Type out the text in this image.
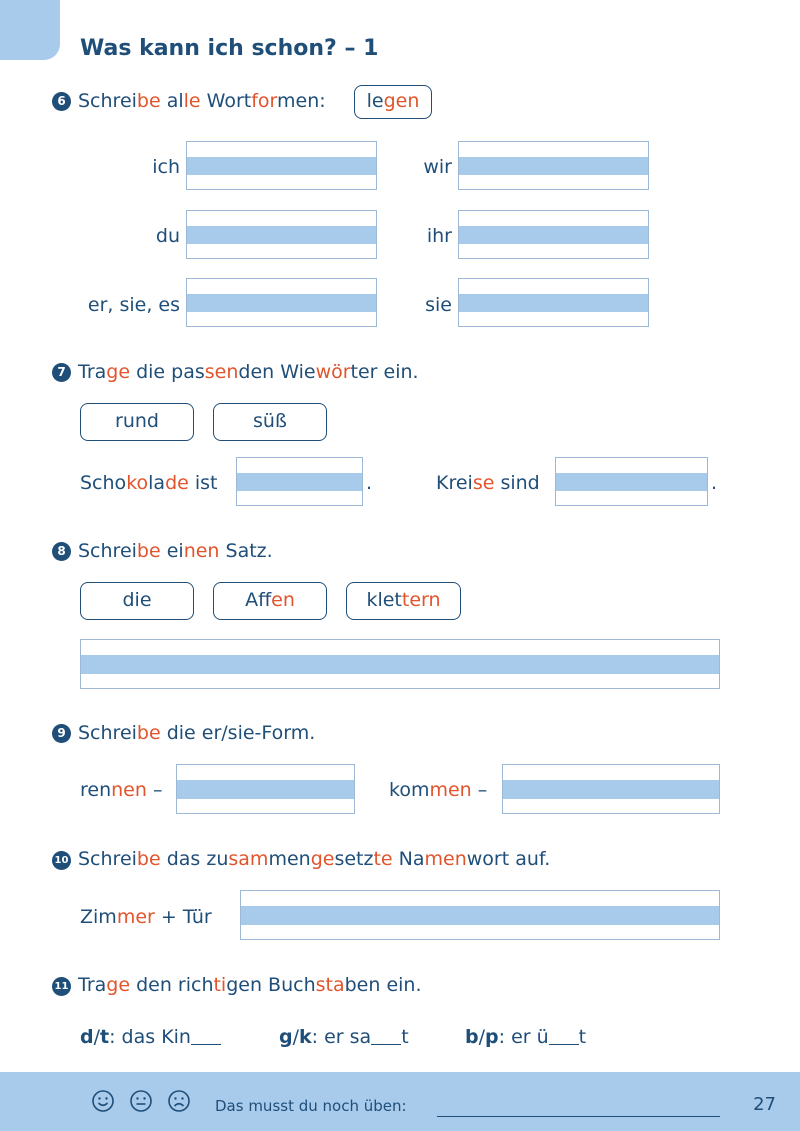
Was kann ich schon? – 1
6 Schreibe alle Wortformen:	legen
ich	wir
du	ihr
er, sie, es	sie
7 Trage die passenden Wiewörter ein.
rund	süß
Schokolade ist	.	Kreise sind	.
8 Schreibe einen Satz.
die	Affen	klettern
9 Schreibe die er/sie-Form.
rennen –	kommen –
10 Schreibe das zusammengesetzte Namenwort auf.
Zimmer + Tür
11 Trage den richtigen Buchstaben ein.
d/t: das Kin	g/k: er sa t	b/p: er ü t
Das musst du noch üben:	27
